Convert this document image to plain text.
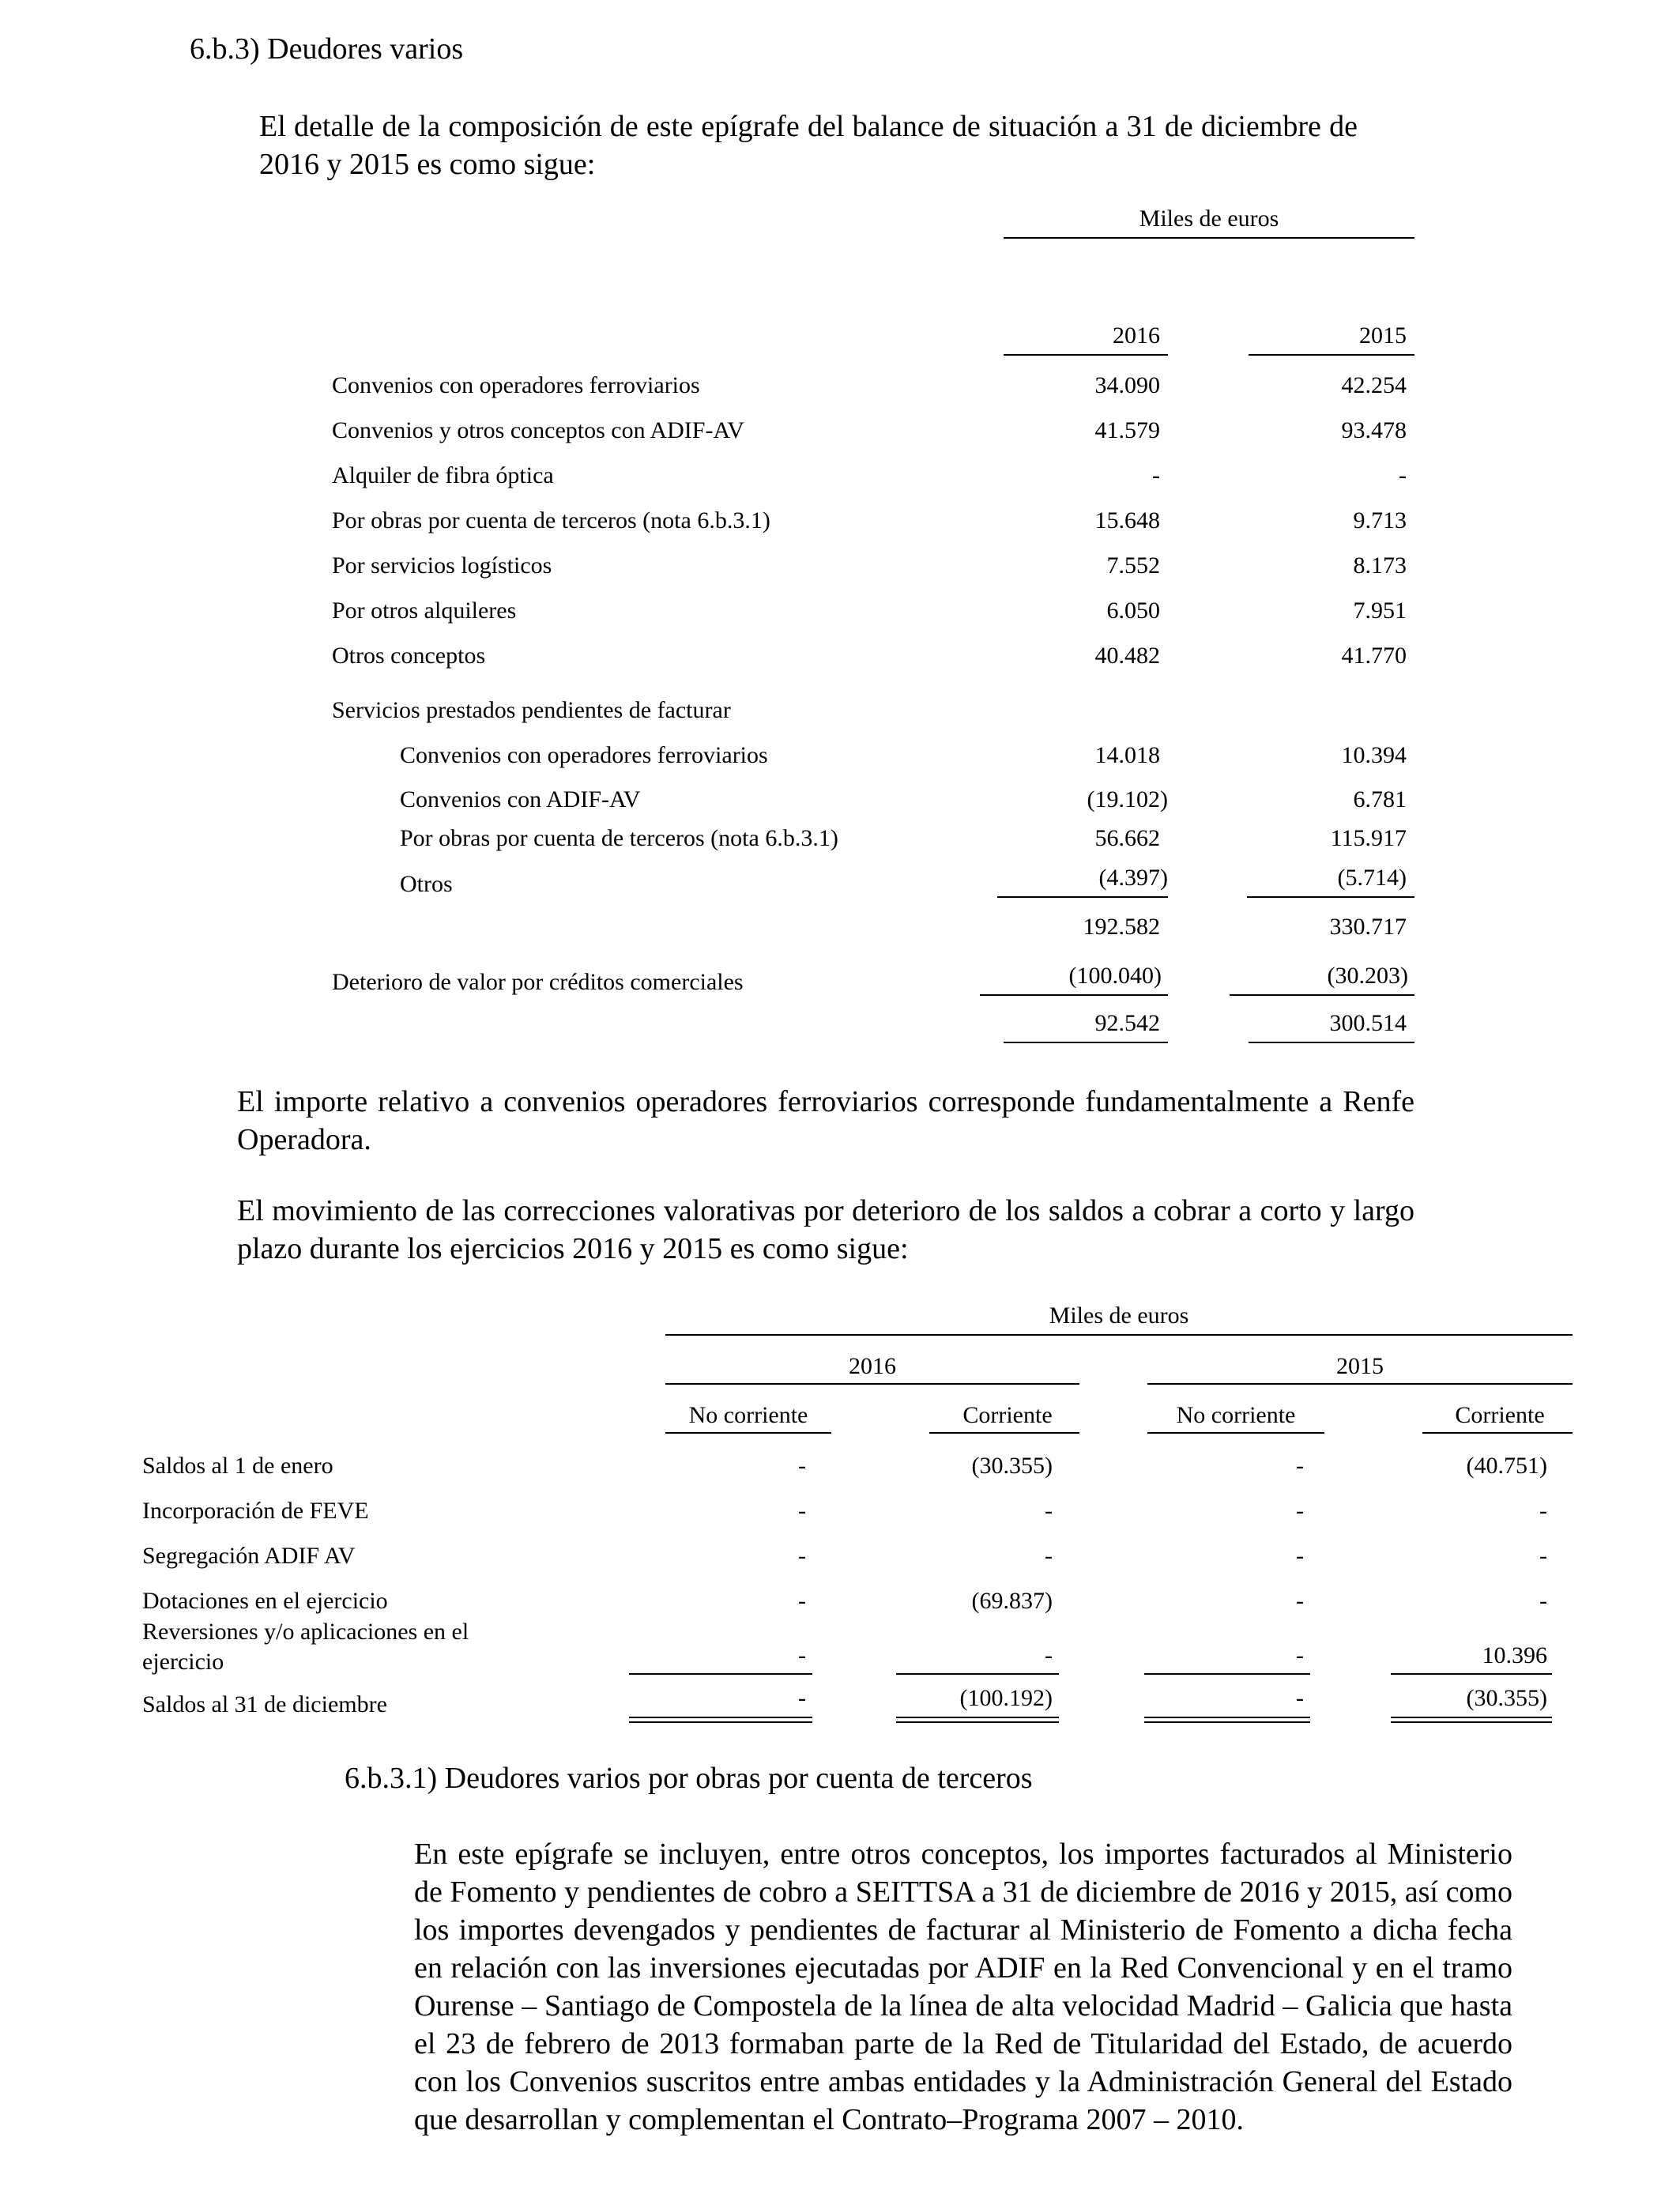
6.b.3) Deudores varios
El detalle de la composición de este epígrafe del balance de situación a 31 de diciembre de 2016 y 2015 es como sigue:
Miles de euros
2016	2015
Convenios con operadores ferroviarios	34.090	42.254
Convenios y otros conceptos con ADIF-AV	41.579	93.478
Alquiler de fibra óptica	-	-
Por obras por cuenta de terceros (nota 6.b.3.1)	15.648	9.713
Por servicios logísticos	7.552	8.173
Por otros alquileres	6.050	7.951
Otros conceptos	40.482	41.770
Servicios prestados pendientes de facturar
Convenios con operadores ferroviarios	14.018	10.394
Convenios con ADIF-AV	(19.102)	6.781
Por obras por cuenta de terceros (nota 6.b.3.1)	56.662	115.917
Otros	(4.397)	(5.714)
192.582	330.717
Deterioro de valor por créditos comerciales	(100.040)	(30.203)
92.542	300.514
El importe relativo a convenios operadores ferroviarios corresponde fundamentalmente a Renfe Operadora.
El movimiento de las correcciones valorativas por deterioro de los saldos a cobrar a corto y largo plazo durante los ejercicios 2016 y 2015 es como sigue:
Miles de euros
2016	2015
No corriente	Corriente	No corriente	Corriente
Saldos al 1 de enero	-	(30.355)	-	(40.751)
Incorporación de FEVE	-	-	-	-
Segregación ADIF AV	-	-	-	-
Dotaciones en el ejercicio	-	(69.837)	-	-
Reversiones y/o aplicaciones en el
ejercicio	-	-	-	10.396
Saldos al 31 de diciembre	-	(100.192)	-	(30.355)
6.b.3.1) Deudores varios por obras por cuenta de terceros
En este epígrafe se incluyen, entre otros conceptos, los importes facturados al Ministerio de Fomento y pendientes de cobro a SEITTSA a 31 de diciembre de 2016 y 2015, así como los importes devengados y pendientes de facturar al Ministerio de Fomento a dicha fecha en relación con las inversiones ejecutadas por ADIF en la Red Convencional y en el tramo Ourense – Santiago de Compostela de la línea de alta velocidad Madrid – Galicia que hasta el 23 de febrero de 2013 formaban parte de la Red de Titularidad del Estado, de acuerdo con los Convenios suscritos entre ambas entidades y la Administración General del Estado que desarrollan y complementan el Contrato–Programa 2007 – 2010.
